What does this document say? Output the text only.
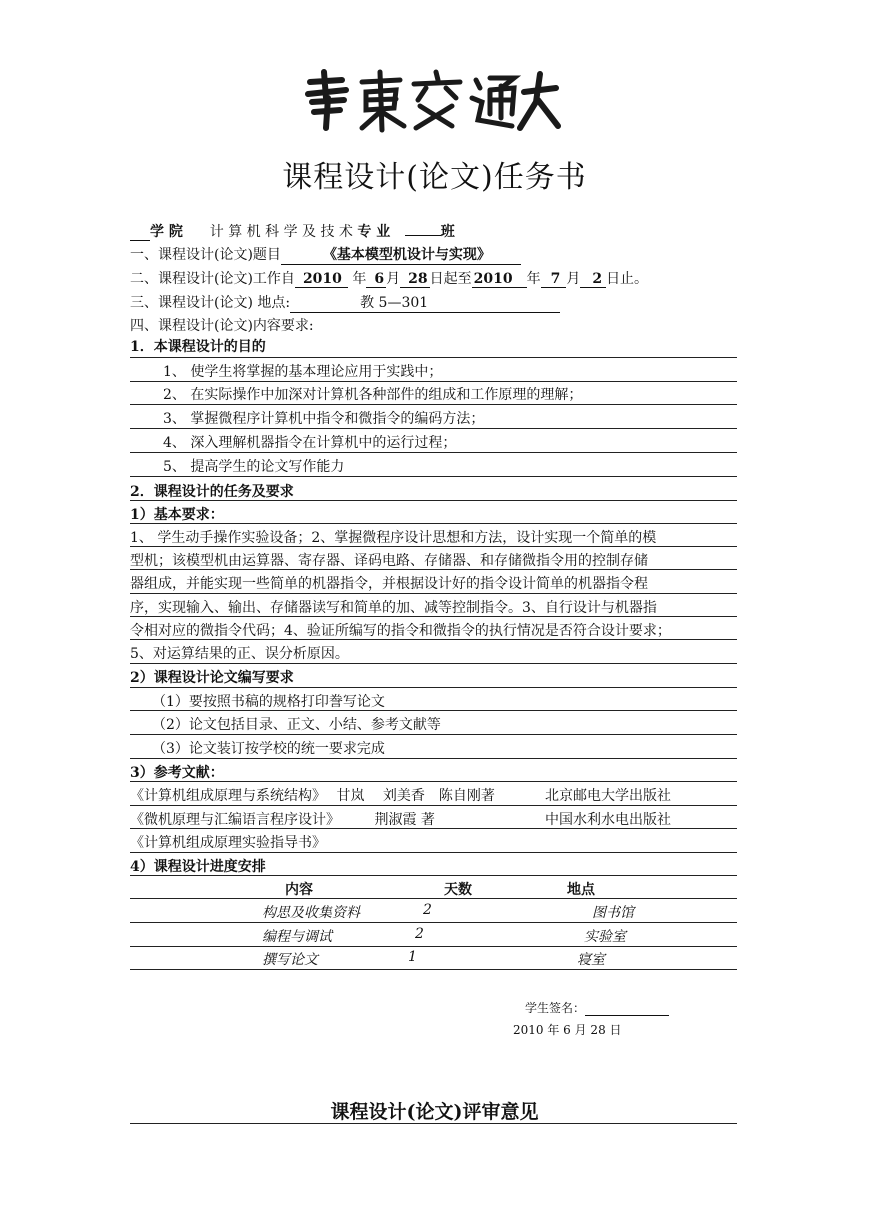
课程设计(论文)任务书
学 院 计 算 机 科 学 及 技 术 专 业	班
一、课程设计(论文)题目	《基本模型机设计与实现》
二、课程设计(论文)工作自 2010 年 6 月 28 日起至 2010 年 7 月 2 日止。
三、课程设计(论文) 地点:	教 5—301
四、课程设计(论文)内容要求:
1．本课程设计的目的
1、 使学生将掌握的基本理论应用于实践中；
2、 在实际操作中加深对计算机各种部件的组成和工作原理的理解；
3、 掌握微程序计算机中指令和微指令的编码方法；
4、 深入理解机器指令在计算机中的运行过程；
5、 提高学生的论文写作能力
2．课程设计的任务及要求
1）基本要求：
1、 学生动手操作实验设备；2、掌握微程序设计思想和方法，设计实现一个简单的模
型机；该模型机由运算器、寄存器、译码电路、存储器、和存储微指令用的控制存储
器组成，并能实现一些简单的机器指令，并根据设计好的指令设计简单的机器指令程
序，实现输入、输出、存储器读写和简单的加、减等控制指令。3、自行设计与机器指
令相对应的微指令代码；4、验证所编写的指令和微指令的执行情况是否符合设计要求；
5、对运算结果的正、误分析原因。
2）课程设计论文编写要求
（1）要按照书稿的规格打印誊写论文
（2）论文包括目录、正文、小结、参考文献等
（3）论文装订按学校的统一要求完成
3）参考文献：
《计算机组成原理与系统结构》 甘岚　 刘美香　陈自刚著	北京邮电大学出版社
《微机原理与汇编语言程序设计》 荆淑霞 著	中国水利水电出版社
《计算机组成原理实验指导书》
4）课程设计进度安排
内容	天数	地点
构思及收集资料	2	图书馆
编程与调试	2	实验室
撰写论文	1	寝室
学生签名：
2010 年 6 月 28 日
课程设计(论文)评审意见
